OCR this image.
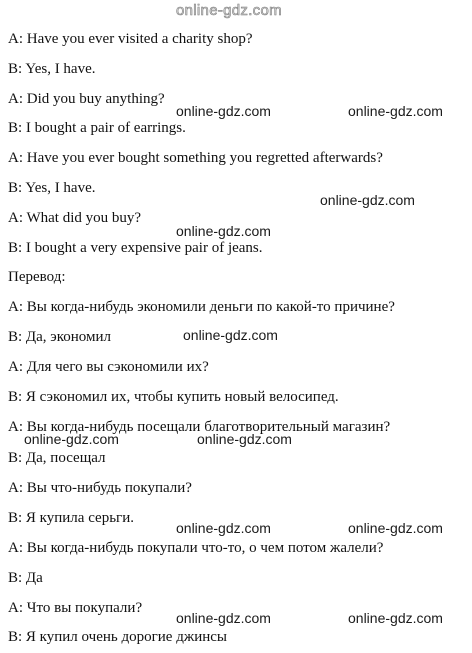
online-gdz.com

A: Have you ever visited a charity shop?

B: Yes, I have.

A: Did you buy anything?

B: I bought a pair of earrings.

A: Have you ever bought something you regretted afterwards?

B: Yes, I have.

A: What did you buy?

B: I bought a very expensive pair of jeans.

Перевод:

A: Вы когда-нибудь экономили деньги по какой-то причине?

B: Да, экономил

A: Для чего вы сэкономили их?

B: Я сэкономил их, чтобы купить новый велосипед.

A: Вы когда-нибудь посещали благотворительный магазин?

B: Да, посещал

A: Вы что-нибудь покупали?

B: Я купила серьги.

A: Вы когда-нибудь покупали что-то, о чем потом жалели?

B: Да

A: Что вы покупали?

B: Я купил очень дорогие джинсы

online-gdz.com	online-gdz.com
online-gdz.com
online-gdz.com
online-gdz.com
online-gdz.com	online-gdz.com
online-gdz.com	online-gdz.com
online-gdz.com	online-gdz.com
